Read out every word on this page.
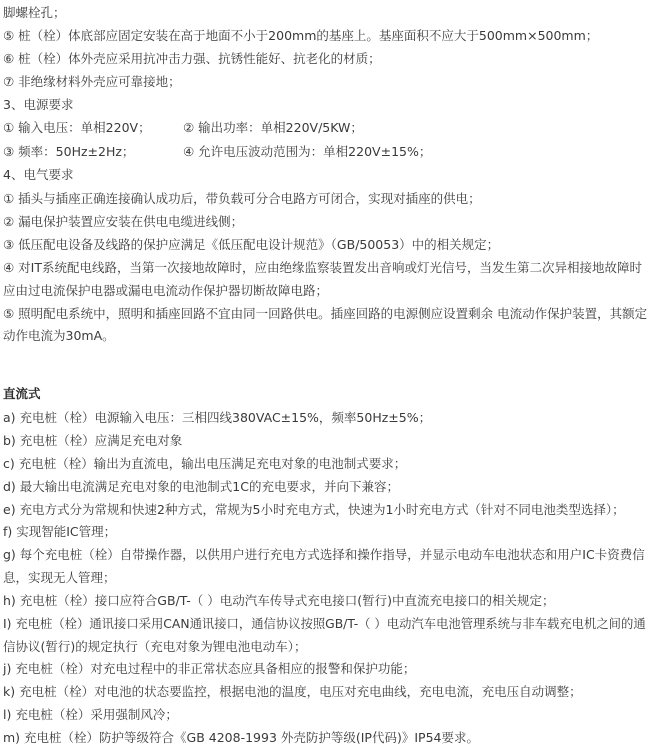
脚螺栓孔；
⑤ 桩（栓）体底部应固定安装在高于地面不小于200mm的基座上。基座面积不应大于500mm×500mm；
⑥ 桩（栓）体外壳应采用抗冲击力强、抗锈性能好、抗老化的材质；
⑦ 非绝缘材料外壳应可靠接地；
3、电源要求
① 输入电压：单相220V；	② 输出功率：单相220V/5KW；
③ 频率：50Hz±2Hz；	④ 允许电压波动范围为：单相220V±15%；
4、电气要求
① 插头与插座正确连接确认成功后，带负载可分合电路方可闭合，实现对插座的供电；
② 漏电保护装置应安装在供电电缆进线侧；
③ 低压配电设备及线路的保护应满足《低压配电设计规范》（GB/50053）中的相关规定；
④ 对IT系统配电线路，当第一次接地故障时，应由绝缘监察装置发出音响或灯光信号，当发生第二次异相接地故障时
应由过电流保护电器或漏电电流动作保护器切断故障电路；
⑤ 照明配电系统中，照明和插座回路不宜由同一回路供电。插座回路的电源侧应设置剩余 电流动作保护装置，其额定
动作电流为30mA。
直流式
a) 充电桩（栓）电源输入电压：三相四线380VAC±15%，频率50Hz±5%；
b) 充电桩（栓）应满足充电对象
c) 充电桩（栓）输出为直流电，输出电压满足充电对象的电池制式要求；
d) 最大输出电流满足充电对象的电池制式1C的充电要求，并向下兼容；
e) 充电方式分为常规和快速2种方式，常规为5小时充电方式，快速为1小时充电方式（针对不同电池类型选择）；
f) 实现智能IC管理；
g) 每个充电桩（栓）自带操作器，以供用户进行充电方式选择和操作指导，并显示电动车电池状态和用户IC卡资费信
息，实现无人管理；
h) 充电桩（栓）接口应符合GB/T-（ ）电动汽车传导式充电接口(暂行)中直流充电接口的相关规定；
I) 充电桩（栓）通讯接口采用CAN通讯接口，通信协议按照GB/T-（ ）电动汽车电池管理系统与非车载充电机之间的通
信协议(暂行)的规定执行（充电对象为锂电池电动车）；
j) 充电桩（栓）对充电过程中的非正常状态应具备相应的报警和保护功能；
k) 充电桩（栓）对电池的状态要监控，根据电池的温度，电压对充电曲线，充电电流，充电压自动调整；
l) 充电桩（栓）采用强制风冷；
m) 充电桩（栓）防护等级符合《GB 4208-1993 外壳防护等级(IP代码)》IP54要求。
